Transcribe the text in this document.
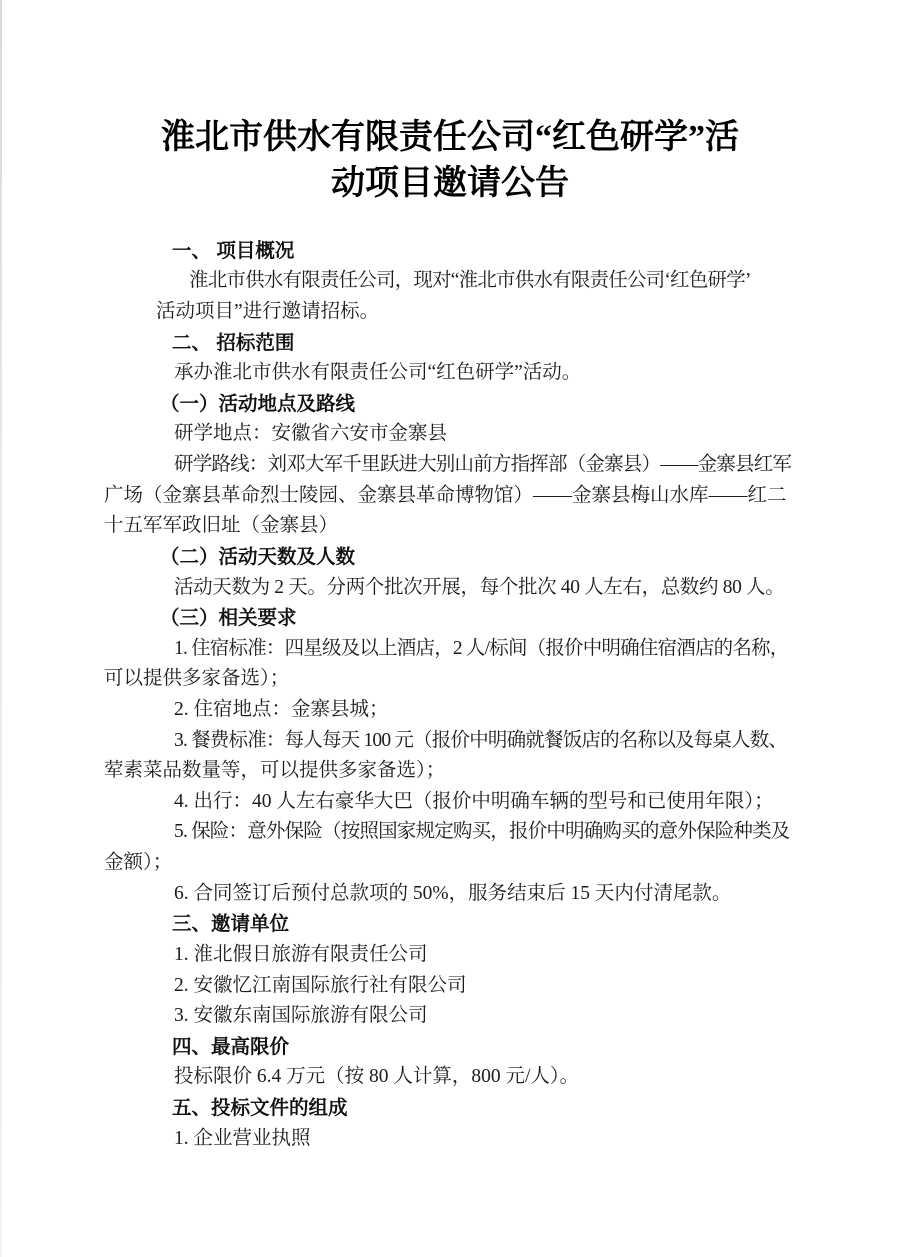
淮北市供水有限责任公司“红色研学”活
动项目邀请公告
一、 项目概况
淮北市供水有限责任公司，现对“淮北市供水有限责任公司‘红色研学’
活动项目”进行邀请招标。
二、 招标范围
承办淮北市供水有限责任公司“红色研学”活动。
（一）活动地点及路线
研学地点：安徽省六安市金寨县
研学路线：刘邓大军千里跃进大别山前方指挥部（金寨县）——金寨县红军
广场（金寨县革命烈士陵园、金寨县革命博物馆）——金寨县梅山水库——红二
十五军军政旧址（金寨县）
（二）活动天数及人数
活动天数为 2 天。分两个批次开展，每个批次 40 人左右，总数约 80 人。
（三）相关要求
1. 住宿标准：四星级及以上酒店，2 人/标间（报价中明确住宿酒店的名称，
可以提供多家备选）；
2. 住宿地点：金寨县城；
3. 餐费标准：每人每天 100 元（报价中明确就餐饭店的名称以及每桌人数、
荤素菜品数量等，可以提供多家备选）；
4. 出行：40 人左右豪华大巴（报价中明确车辆的型号和已使用年限）；
5. 保险：意外保险（按照国家规定购买，报价中明确购买的意外保险种类及
金额）；
6. 合同签订后预付总款项的 50%，服务结束后 15 天内付清尾款。
三、邀请单位
1. 淮北假日旅游有限责任公司
2. 安徽忆江南国际旅行社有限公司
3. 安徽东南国际旅游有限公司
四、最高限价
投标限价 6.4 万元（按 80 人计算，800 元/人）。
五、投标文件的组成
1. 企业营业执照
